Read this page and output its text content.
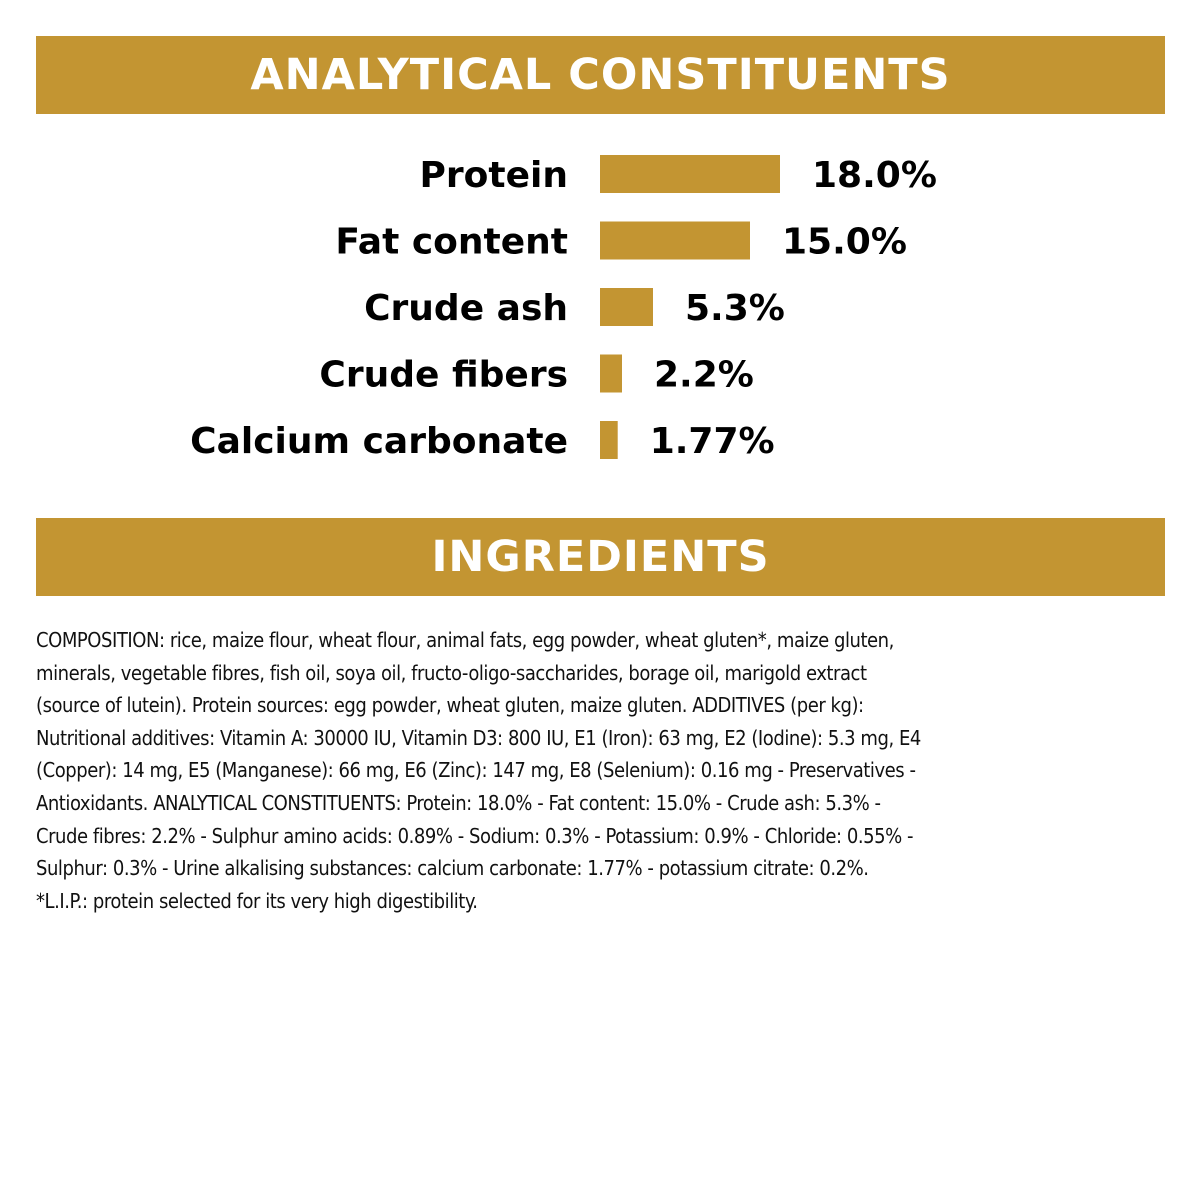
ANALYTICAL CONSTITUENTS
Protein	18.0%
Fat content	15.0%
Crude ash	5.3%
Crude fibers 2.2%
Calcium carbonate 1.77%
INGREDIENTS

COMPOSITION: rice, maize flour, wheat flour, animal fats, egg powder, wheat gluten*, maize gluten,

minerals, vegetable fibres, fish oil, soya oil, fructo-oligo-saccharides, borage oil, marigold extract

(source of lutein). Protein sources: egg powder, wheat gluten, maize gluten. ADDITIVES (per kg):

Nutritional additives: Vitamin A: 30000 IU, Vitamin D3: 800 IU, E1 (Iron): 63 mg, E2 (Iodine): 5.3 mg, E4

(Copper): 14 mg, E5 (Manganese): 66 mg, E6 (Zinc): 147 mg, E8 (Selenium): 0.16 mg - Preservatives -

Antioxidants. ANALYTICAL CONSTITUENTS: Protein: 18.0% - Fat content: 15.0% - Crude ash: 5.3% -

Crude fibres: 2.2% - Sulphur amino acids: 0.89% - Sodium: 0.3% - Potassium: 0.9% - Chloride: 0.55% -

Sulphur: 0.3% - Urine alkalising substances: calcium carbonate: 1.77% - potassium citrate: 0.2%.

*L.I.P.: protein selected for its very high digestibility.
